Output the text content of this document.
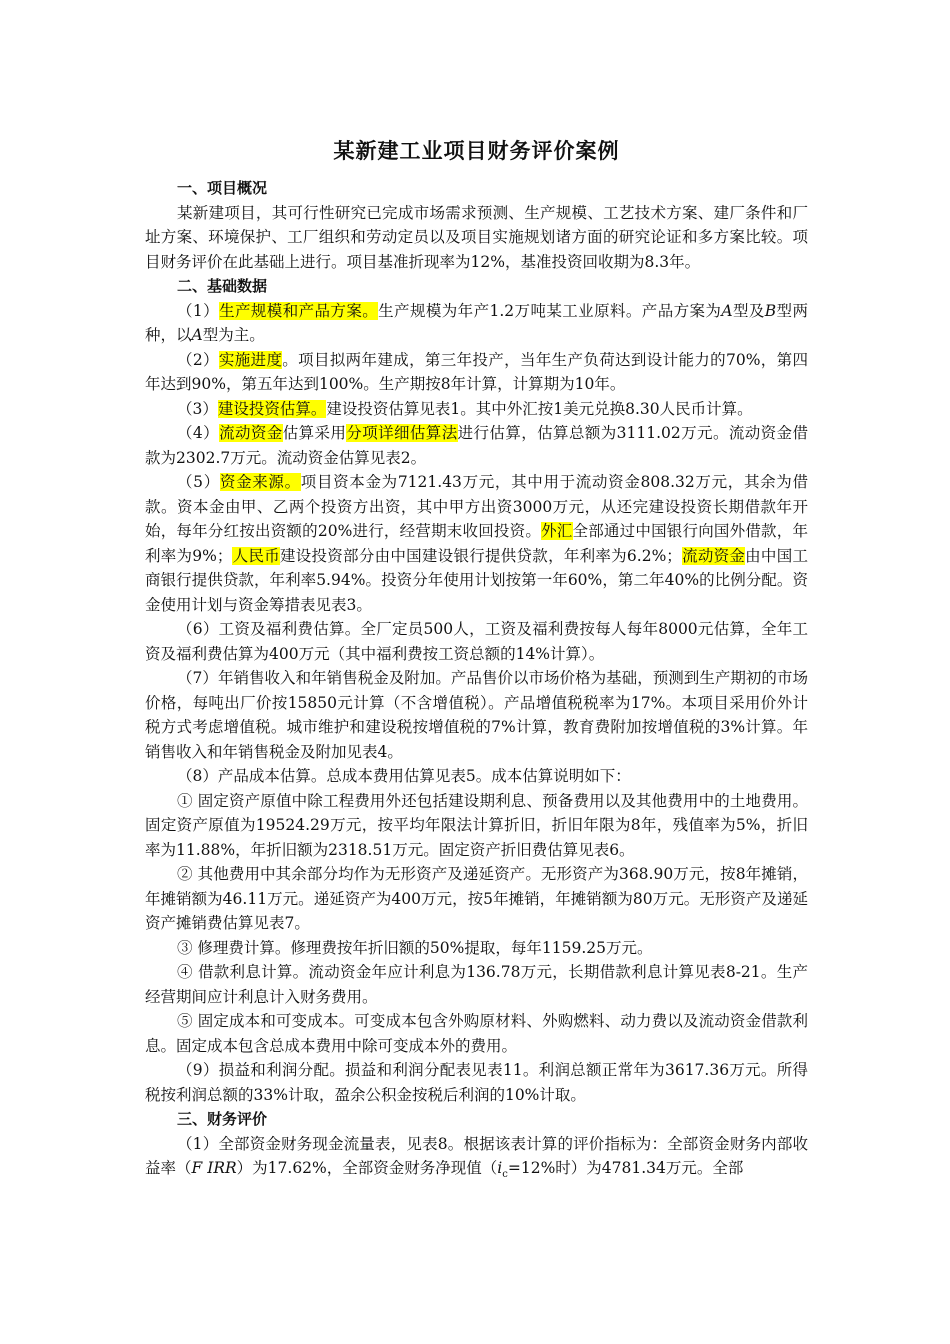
某新建工业项目财务评价案例
一、项目概况

某新建项目，其可行性研究已完成市场需求预测、生产规模、工艺技术方案、建厂条件和厂址方案、环境保护、工厂组织和劳动定员以及项目实施规划诸方面的研究论证和多方案比较。项目财务评价在此基础上进行。项目基准折现率为12%，基准投资回收期为8.3年。

二、基础数据

（1）生产规模和产品方案。生产规模为年产1.2万吨某工业原料。产品方案为A型及B型两种，以A型为主。

（2）实施进度。项目拟两年建成，第三年投产，当年生产负荷达到设计能力的70%，第四年达到90%，第五年达到100%。生产期按8年计算，计算期为10年。

（3）建设投资估算。建设投资估算见表1。其中外汇按1美元兑换8.30人民币计算。

（4）流动资金估算采用分项详细估算法进行估算，估算总额为3111.02万元。流动资金借款为2302.7万元。流动资金估算见表2。

（5）资金来源。项目资本金为7121.43万元，其中用于流动资金808.32万元，其余为借款。资本金由甲、乙两个投资方出资，其中甲方出资3000万元，从还完建设投资长期借款年开始，每年分红按出资额的20%进行，经营期末收回投资。外汇全部通过中国银行向国外借款，年利率为9%；人民币建设投资部分由中国建设银行提供贷款，年利率为6.2%；流动资金由中国工商银行提供贷款，年利率5.94%。投资分年使用计划按第一年60%，第二年40%的比例分配。资金使用计划与资金筹措表见表3。

（6）工资及福利费估算。全厂定员500人，工资及福利费按每人每年8000元估算，全年工资及福利费估算为400万元（其中福利费按工资总额的14%计算）。

（7）年销售收入和年销售税金及附加。产品售价以市场价格为基础，预测到生产期初的市场价格，每吨出厂价按15850元计算（不含增值税）。产品增值税税率为17%。本项目采用价外计税方式考虑增值税。城市维护和建设税按增值税的7%计算，教育费附加按增值税的3%计算。年销售收入和年销售税金及附加见表4。

（8）产品成本估算。总成本费用估算见表5。成本估算说明如下：

① 固定资产原值中除工程费用外还包括建设期利息、预备费用以及其他费用中的土地费用。固定资产原值为19524.29万元，按平均年限法计算折旧，折旧年限为8年，残值率为5%，折旧率为11.88%，年折旧额为2318.51万元。固定资产折旧费估算见表6。

② 其他费用中其余部分均作为无形资产及递延资产。无形资产为368.90万元，按8年摊销，年摊销额为46.11万元。递延资产为400万元，按5年摊销，年摊销额为80万元。无形资产及递延资产摊销费估算见表7。

③ 修理费计算。修理费按年折旧额的50%提取，每年1159.25万元。

④ 借款利息计算。流动资金年应计利息为136.78万元，长期借款利息计算见表8-21。生产经营期间应计利息计入财务费用。

⑤ 固定成本和可变成本。可变成本包含外购原材料、外购燃料、动力费以及流动资金借款利息。固定成本包含总成本费用中除可变成本外的费用。

（9）损益和利润分配。损益和利润分配表见表11。利润总额正常年为3617.36万元。所得税按利润总额的33%计取，盈余公积金按税后利润的10%计取。

三、财务评价

（1）全部资金财务现金流量表，见表8。根据该表计算的评价指标为：全部资金财务内部收益率（F IRR）为17.62%，全部资金财务净现值（$i_c=12\%$时）为4781.34万元。全部
